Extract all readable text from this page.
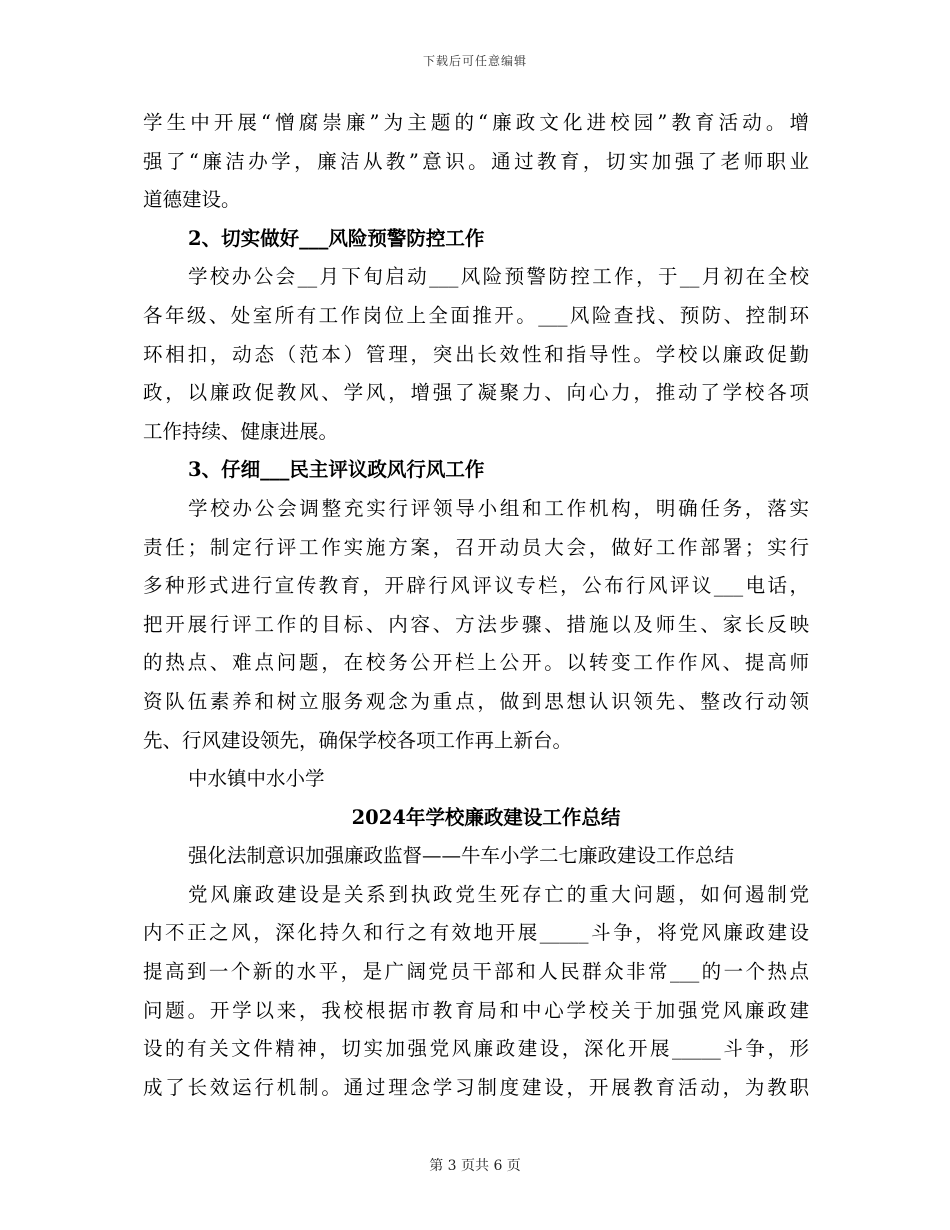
下载后可任意编辑
学生中开展“憎腐崇廉”为主题的“廉政文化进校园”教育活动。增
强了“廉洁办学，廉洁从教”意识。通过教育，切实加强了老师职业
道德建设。
2、切实做好___风险预警防控工作
学校办公会__月下旬启动___风险预警防控工作，于__月初在全校
各年级、处室所有工作岗位上全面推开。___风险查找、预防、控制环
环相扣，动态（范本）管理，突出长效性和指导性。学校以廉政促勤
政，以廉政促教风、学风，增强了凝聚力、向心力，推动了学校各项
工作持续、健康进展。
3、仔细___民主评议政风行风工作
学校办公会调整充实行评领导小组和工作机构，明确任务，落实
责任；制定行评工作实施方案，召开动员大会，做好工作部署；实行
多种形式进行宣传教育，开辟行风评议专栏，公布行风评议___电话，
把开展行评工作的目标、内容、方法步骤、措施以及师生、家长反映
的热点、难点问题，在校务公开栏上公开。以转变工作作风、提高师
资队伍素养和树立服务观念为重点，做到思想认识领先、整改行动领
先、行风建设领先，确保学校各项工作再上新台。
中水镇中水小学
2024年学校廉政建设工作总结
强化法制意识加强廉政监督——牛车小学二七廉政建设工作总结
党风廉政建设是关系到执政党生死存亡的重大问题，如何遏制党
内不正之风，深化持久和行之有效地开展_____斗争，将党风廉政建设
提高到一个新的水平，是广阔党员干部和人民群众非常___的一个热点
问题。开学以来，我校根据市教育局和中心学校关于加强党风廉政建
设的有关文件精神，切实加强党风廉政建设，深化开展_____斗争，形
成了长效运行机制。通过理念学习制度建设，开展教育活动，为教职
第 3 页共 6 页
